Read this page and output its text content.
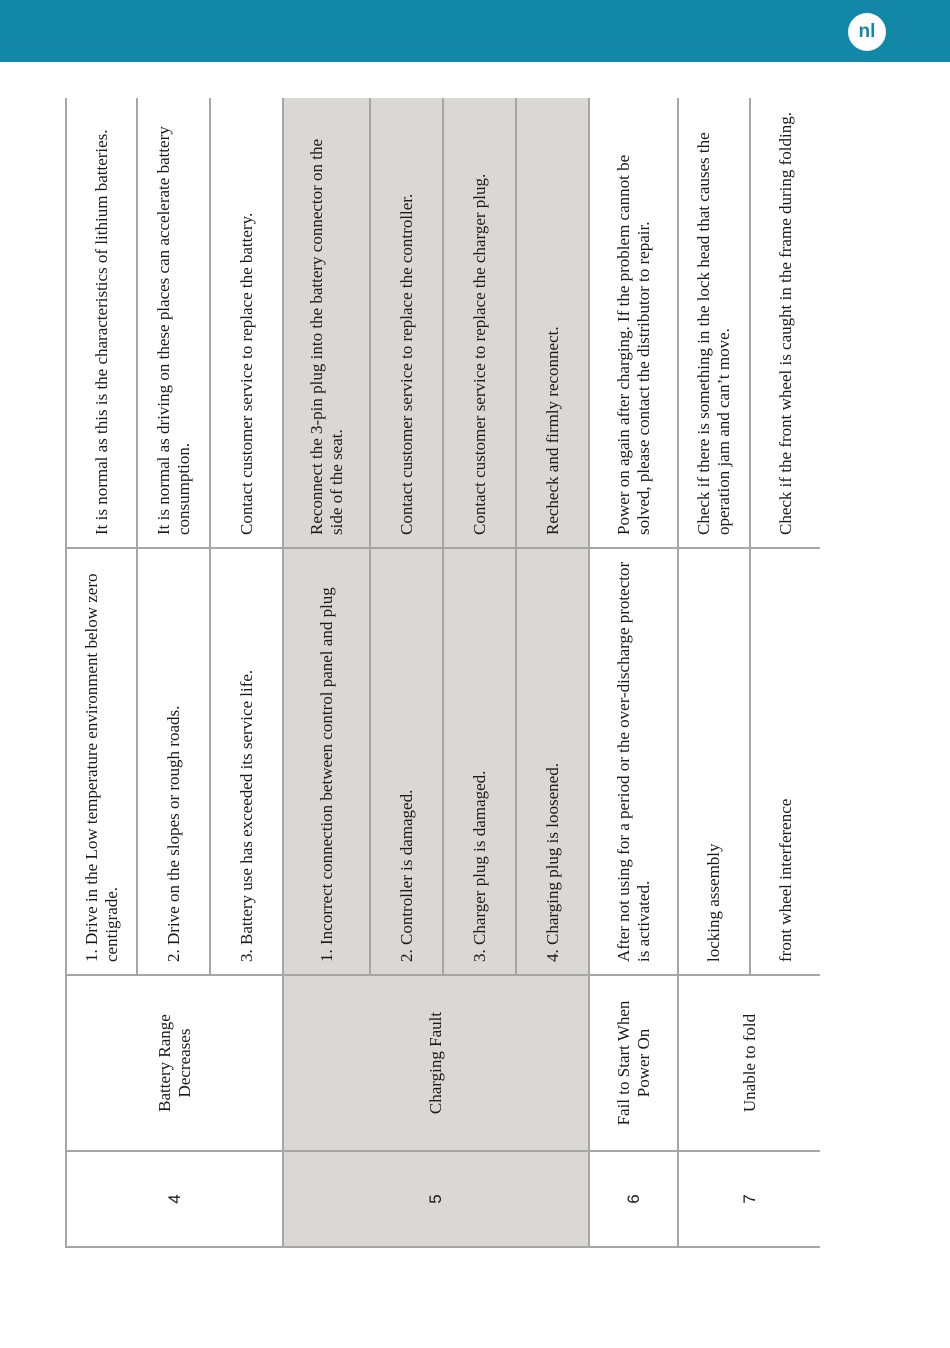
nl
4	Battery Range Decreases	1. Drive in the Low temperature environment below zero centigrade.	It is normal as this is the characteristics of lithium batteries.
		2. Drive on the slopes or rough roads.	It is normal as driving on these places can accelerate battery consumption.
		3. Battery use has exceeded its service life.	Contact customer service to replace the battery.
5	Charging Fault	1. Incorrect connection between control panel and plug	Reconnect the 3-pin plug into the battery connector on the side of the seat.
		2. Controller is damaged.	Contact customer service to replace the controller.
		3. Charger plug is damaged.	Contact customer service to replace the charger plug.
		4. Charging plug is loosened.	Recheck and firmly reconnect.
6	Fail to Start When Power On	After not using for a period or the over-discharge protector is activated.	Power on again after charging. If the problem cannot be solved, please contact the distributor to repair.
7	Unable to fold	locking assembly	Check if there is something in the lock head that causes the operation jam and can’t move.
		front wheel interference	Check if the front wheel is caught in the frame during folding.
